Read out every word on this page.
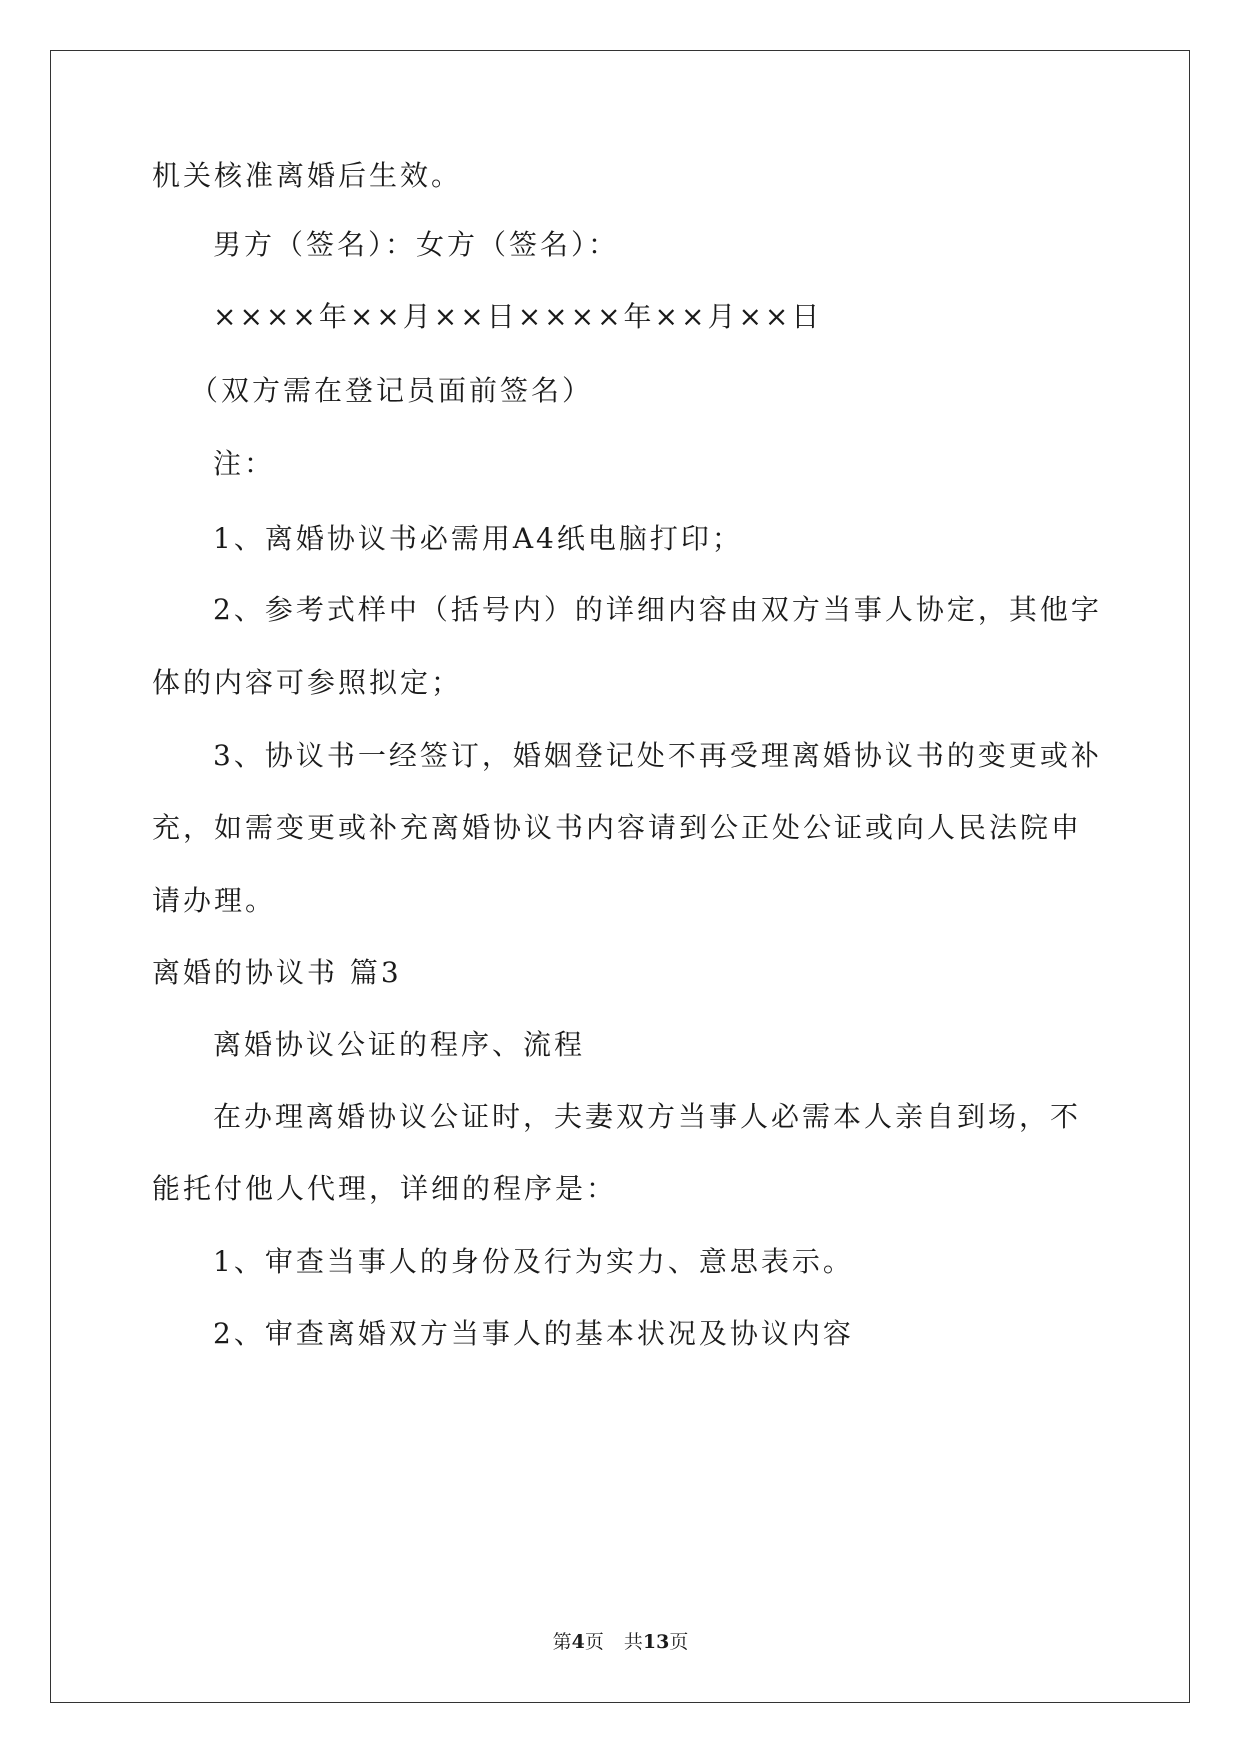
机关核准离婚后生效。
男方（签名）：女方（签名）：
××××年××月××日××××年××月××日
（双方需在登记员面前签名）
注：
1、离婚协议书必需用A4纸电脑打印；
2、参考式样中（括号内）的详细内容由双方当事人协定，其他字
体的内容可参照拟定；
3、协议书一经签订，婚姻登记处不再受理离婚协议书的变更或补
充，如需变更或补充离婚协议书内容请到公正处公证或向人民法院申
请办理。
离婚的协议书 篇3
离婚协议公证的程序、流程
在办理离婚协议公证时，夫妻双方当事人必需本人亲自到场，不
能托付他人代理，详细的程序是：
1、审查当事人的身份及行为实力、意思表示。
2、审查离婚双方当事人的基本状况及协议内容
第4页 共13页
